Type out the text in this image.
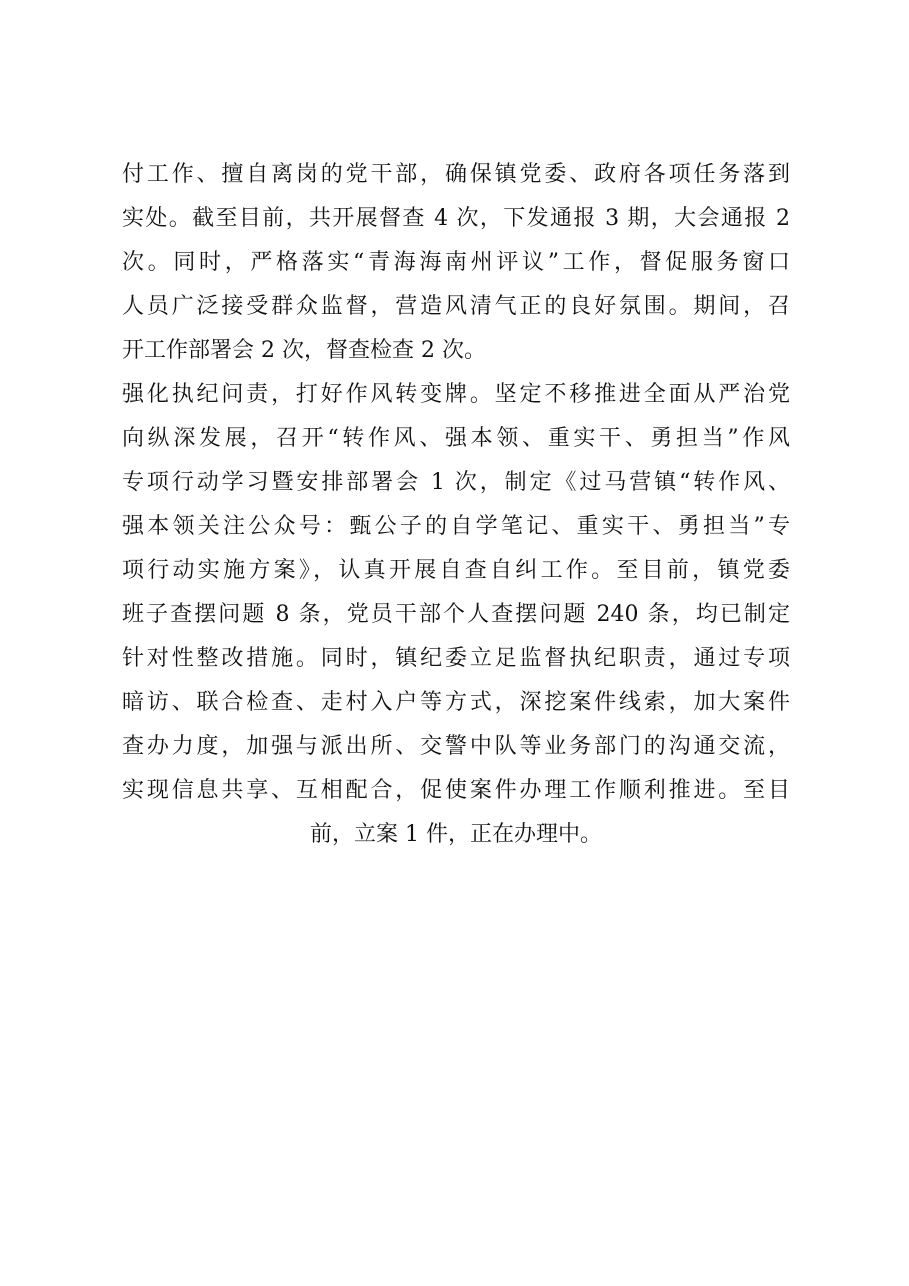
付工作、擅自离岗的党干部，确保镇党委、政府各项任务落到
实处。截至目前，共开展督查 4 次，下发通报 3 期，大会通报 2
次。同时，严格落实“青海海南州评议”工作，督促服务窗口
人员广泛接受群众监督，营造风清气正的良好氛围。期间，召
开工作部署会 2 次，督查检查 2 次。
强化执纪问责，打好作风转变牌。坚定不移推进全面从严治党
向纵深发展，召开“转作风、强本领、重实干、勇担当”作风
专项行动学习暨安排部署会 1 次，制定《过马营镇“转作风、
强本领关注公众号：甄公子的自学笔记、重实干、勇担当”专
项行动实施方案》，认真开展自查自纠工作。至目前，镇党委
班子查摆问题 8 条，党员干部个人查摆问题 240 条，均已制定
针对性整改措施。同时，镇纪委立足监督执纪职责，通过专项
暗访、联合检查、走村入户等方式，深挖案件线索，加大案件
查办力度，加强与派出所、交警中队等业务部门的沟通交流，
实现信息共享、互相配合，促使案件办理工作顺利推进。至目
前，立案 1 件，正在办理中。
